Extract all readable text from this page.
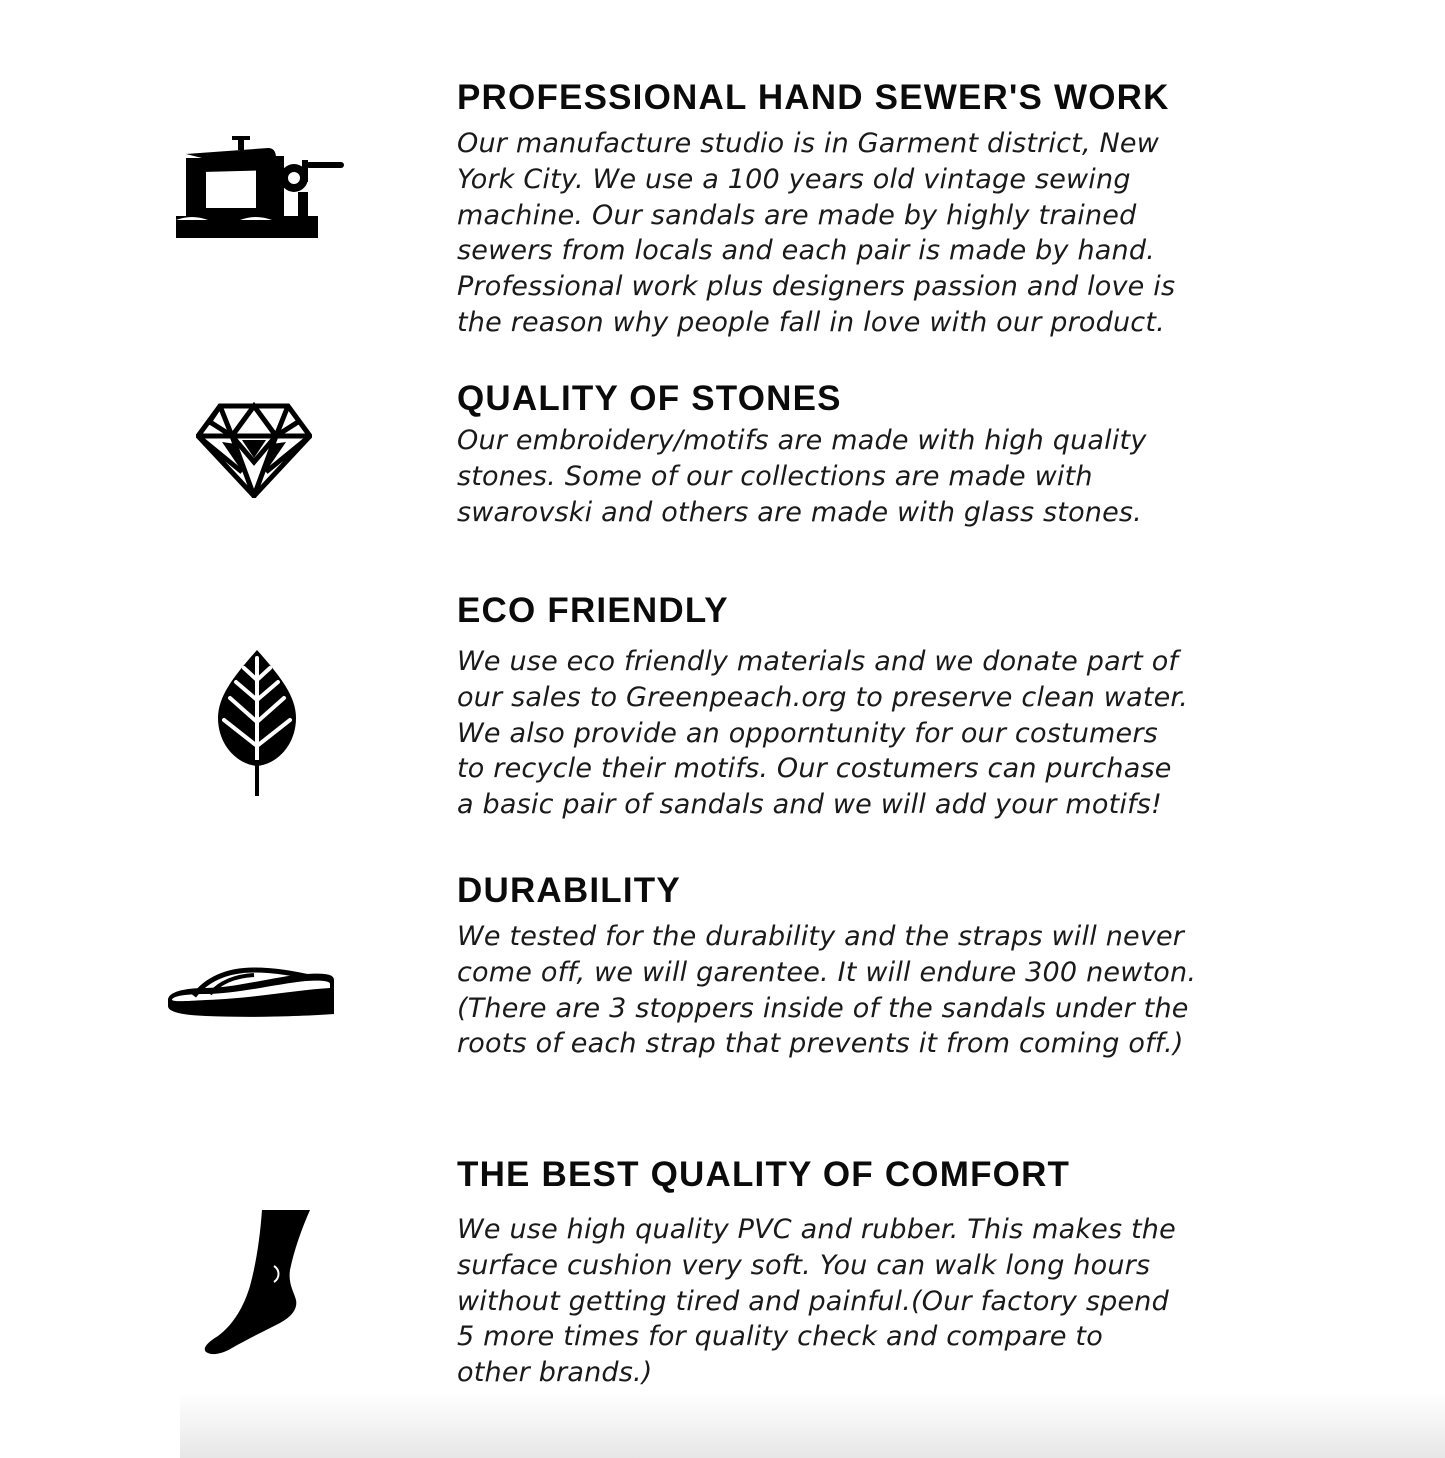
PROFESSIONAL HAND SEWER'S WORK

Our manufacture studio is in Garment district, New
York City. We use a 100 years old vintage sewing
machine. Our sandals are made by highly trained
sewers from locals and each pair is made by hand.
Professional work plus designers passion and love is
the reason why people fall in love with our product.

QUALITY OF STONES

Our embroidery/motifs are made with high quality
stones. Some of our collections are made with
swarovski and others are made with glass stones.

ECO FRIENDLY

We use eco friendly materials and we donate part of
our sales to Greenpeach.org to preserve clean water.
We also provide an opporntunity for our costumers
to recycle their motifs. Our costumers can purchase
a basic pair of sandals and we will add your motifs!

DURABILITY

We tested for the durability and the straps will never
come off, we will garentee. It will endure 300 newton.
(There are 3 stoppers inside of the sandals under the
roots of each strap that prevents it from coming off.)

THE BEST QUALITY OF COMFORT

We use high quality PVC and rubber. This makes the
surface cushion very soft. You can walk long hours
without getting tired and painful.(Our factory spend
5 more times for quality check and compare to
other brands.)
